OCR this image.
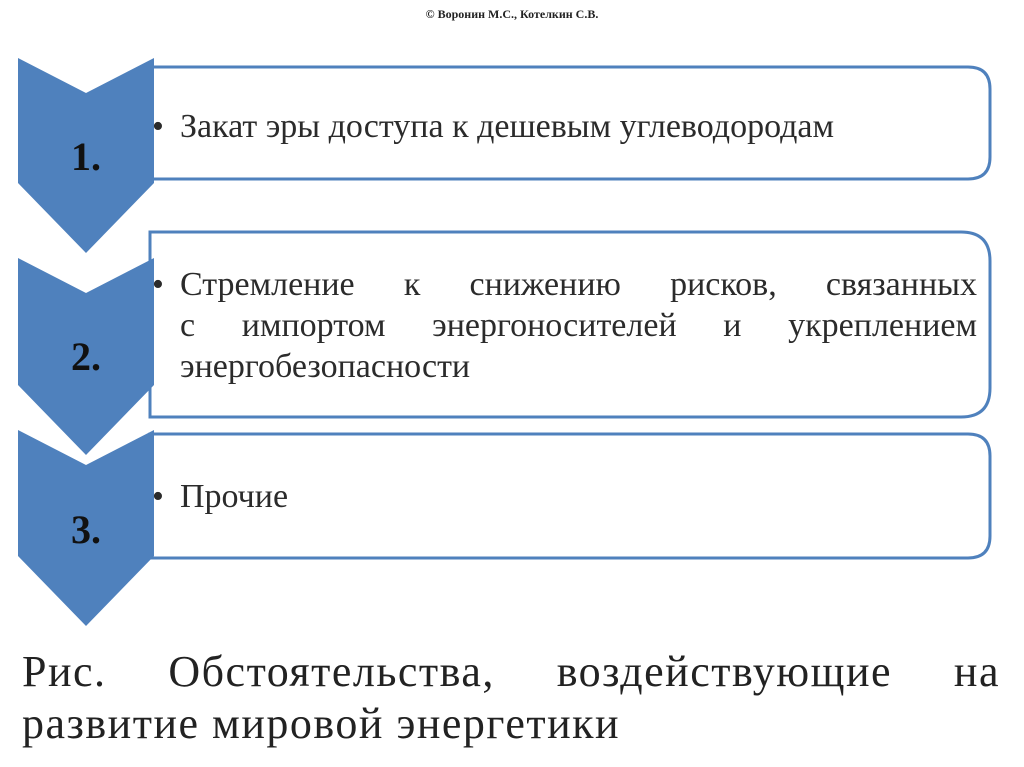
© Воронин М.С., Котелкин С.В.
1.
2.
3.
• Закат эры доступа к дешевым углеводородам
• Стремление к снижению рисков, связанных
с импортом энергоносителей и укреплением
энергобезопасности
• Прочие
Рис. Обстоятельства, воздействующие на
развитие мировой энергетики
